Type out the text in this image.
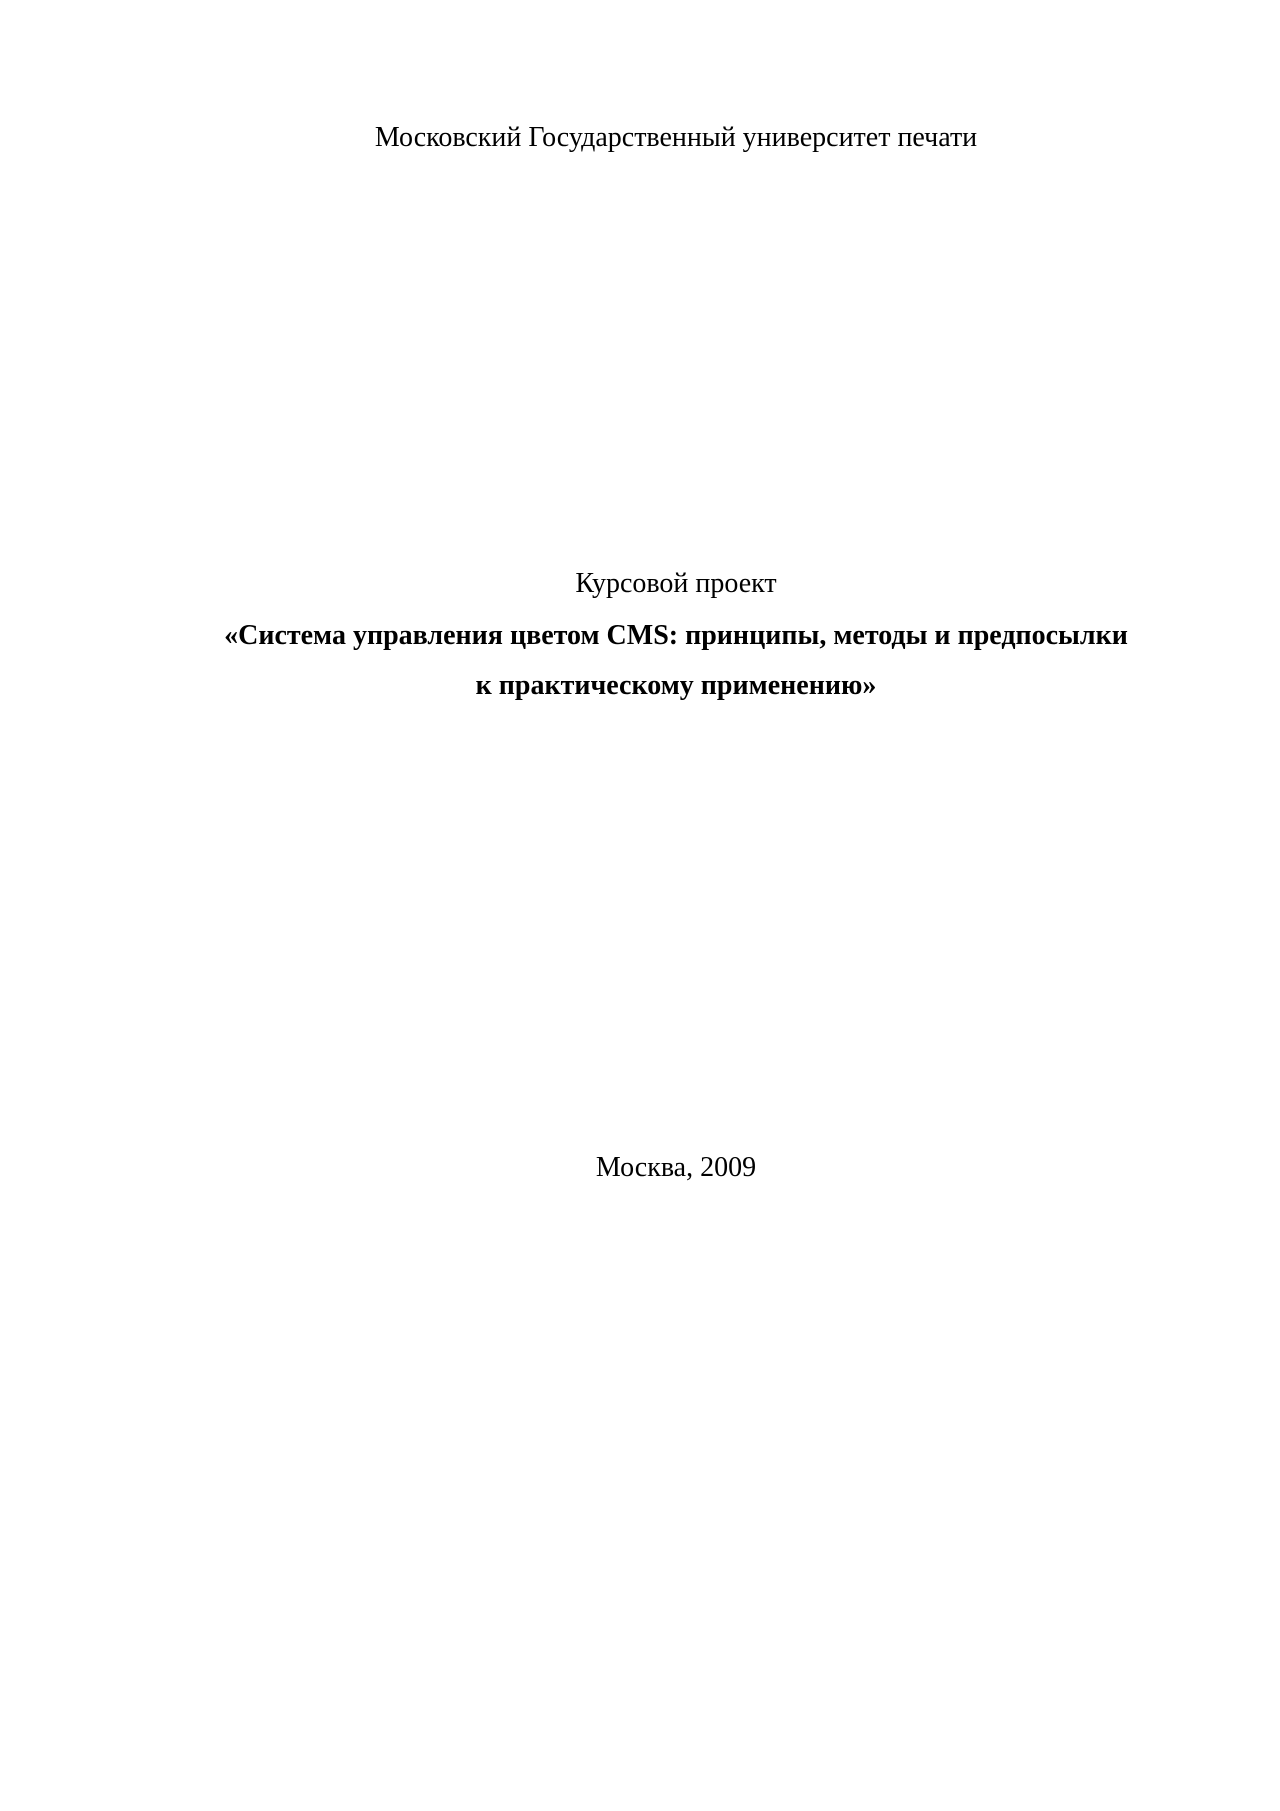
Московский Государственный университет печати
Курсовой проект
«Система управления цветом CMS: принципы, методы и предпосылки
к практическому применению»
Москва, 2009
